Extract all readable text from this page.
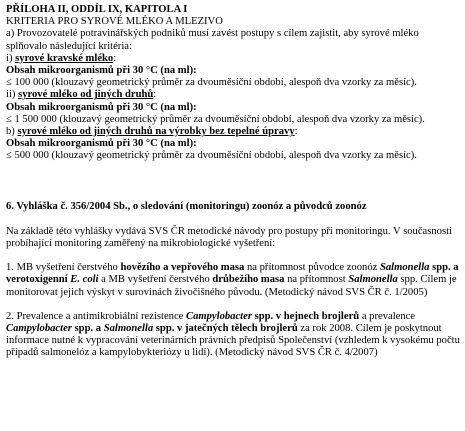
PŘÍLOHA II, ODDÍL IX, KAPITOLA I
KRITERIA PRO SYROVÉ MLÉKO A MLEZIVO
a) Provozovatelé potravinářských podniků musí zavést postupy s cílem zajistit, aby syrové mléko splňovalo následující kritéria:
i) syrové kravské mléko:
Obsah mikroorganismů při 30 °C (na ml):
≤ 100 000 (klouzavý geometrický průměr za dvouměsíční období, alespoň dva vzorky za měsíc).
ii) syrové mléko od jiných druhů:
Obsah mikroorganismů při 30 °C (na ml):
≤ 1 500 000 (klouzavý geometrický průměr za dvouměsíční období, alespoň dva vzorky za měsíc).
b) syrové mléko od jiných druhů na výrobky bez tepelné úpravy:
Obsah mikroorganismů při 30 °C (na ml):
≤ 500 000 (klouzavý geometrický průměr za dvouměsíční období, alespoň dva vzorky za měsíc).
6. Vyhláška č. 356/2004 Sb., o sledování (monitoringu) zoonóz a původců zoonóz
Na základě této vyhlášky vydává SVS ČR metodické návody pro postupy při monitoringu. V současnosti probíhající monitoring zaměřený na mikrobiologické vyšetření:
1. MB vyšetření čerstvého hovězího a vepřového masa na přítomnost původce zoonóz Salmonella spp. a verotoxigenní E. coli a MB vyšetření čerstvého drůbežího masa na přítomnost Salmonella spp. Cílem je monitorovat jejich výskyt v surovinách živočišného původu. (Metodický návod SVS ČR č. 1/2005)
2. Prevalence a antimikrobiální rezistence Campylobacter spp. v hejnech brojlerů a prevalence Campylobacter spp. a Salmonella spp. v jatečných tělech brojlerů za rok 2008. Cílem je poskytnout informace nutné k vypracování veterinárních právních předpisů Společenství (vzhledem k vysokému počtu případů salmonelóz a kampylobykteriózy u lidí). (Metodický návod SVS ČR č. 4/2007)
